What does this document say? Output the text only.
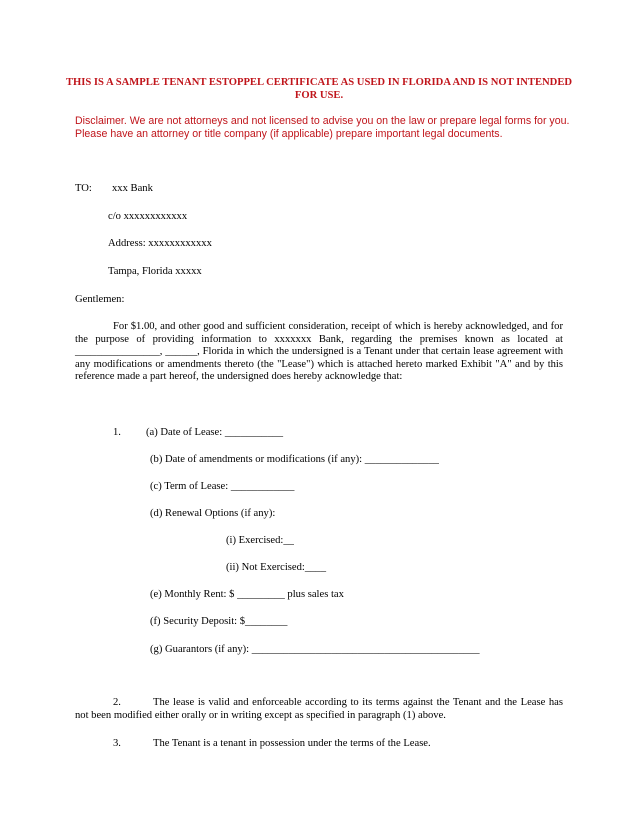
THIS IS A SAMPLE TENANT ESTOPPEL CERTIFICATE AS USED IN FLORIDA AND IS NOT INTENDED FOR USE.
Disclaimer. We are not attorneys and not licensed to advise you on the law or prepare legal forms for you. Please have an attorney or title company (if applicable) prepare important legal documents.
TO: xxx Bank
c/o xxxxxxxxxxxx
Address: xxxxxxxxxxxx
Tampa, Florida xxxxx
Gentlemen:
For $1.00, and other good and sufficient consideration, receipt of which is hereby acknowledged, and for the purpose of providing information to xxxxxxx Bank, regarding the premises known as located at ________________, ______, Florida in which the undersigned is a Tenant under that certain lease agreement with any modifications or amendments thereto (the "Lease") which is attached hereto marked Exhibit "A" and by this reference made a part hereof, the undersigned does hereby acknowledge that:
1. (a) Date of Lease: ___________
(b) Date of amendments or modifications (if any): ______________
(c) Term of Lease: ____________
(d) Renewal Options (if any):
(i) Exercised:__
(ii) Not Exercised:____
(e) Monthly Rent: $ _________ plus sales tax
(f) Security Deposit: $________
(g) Guarantors (if any): ___________________________________________
2.	The lease is valid and enforceable according to its terms against the Tenant and the Lease has not been modified either orally or in writing except as specified in paragraph (1) above.
3.	The Tenant is a tenant in possession under the terms of the Lease.
